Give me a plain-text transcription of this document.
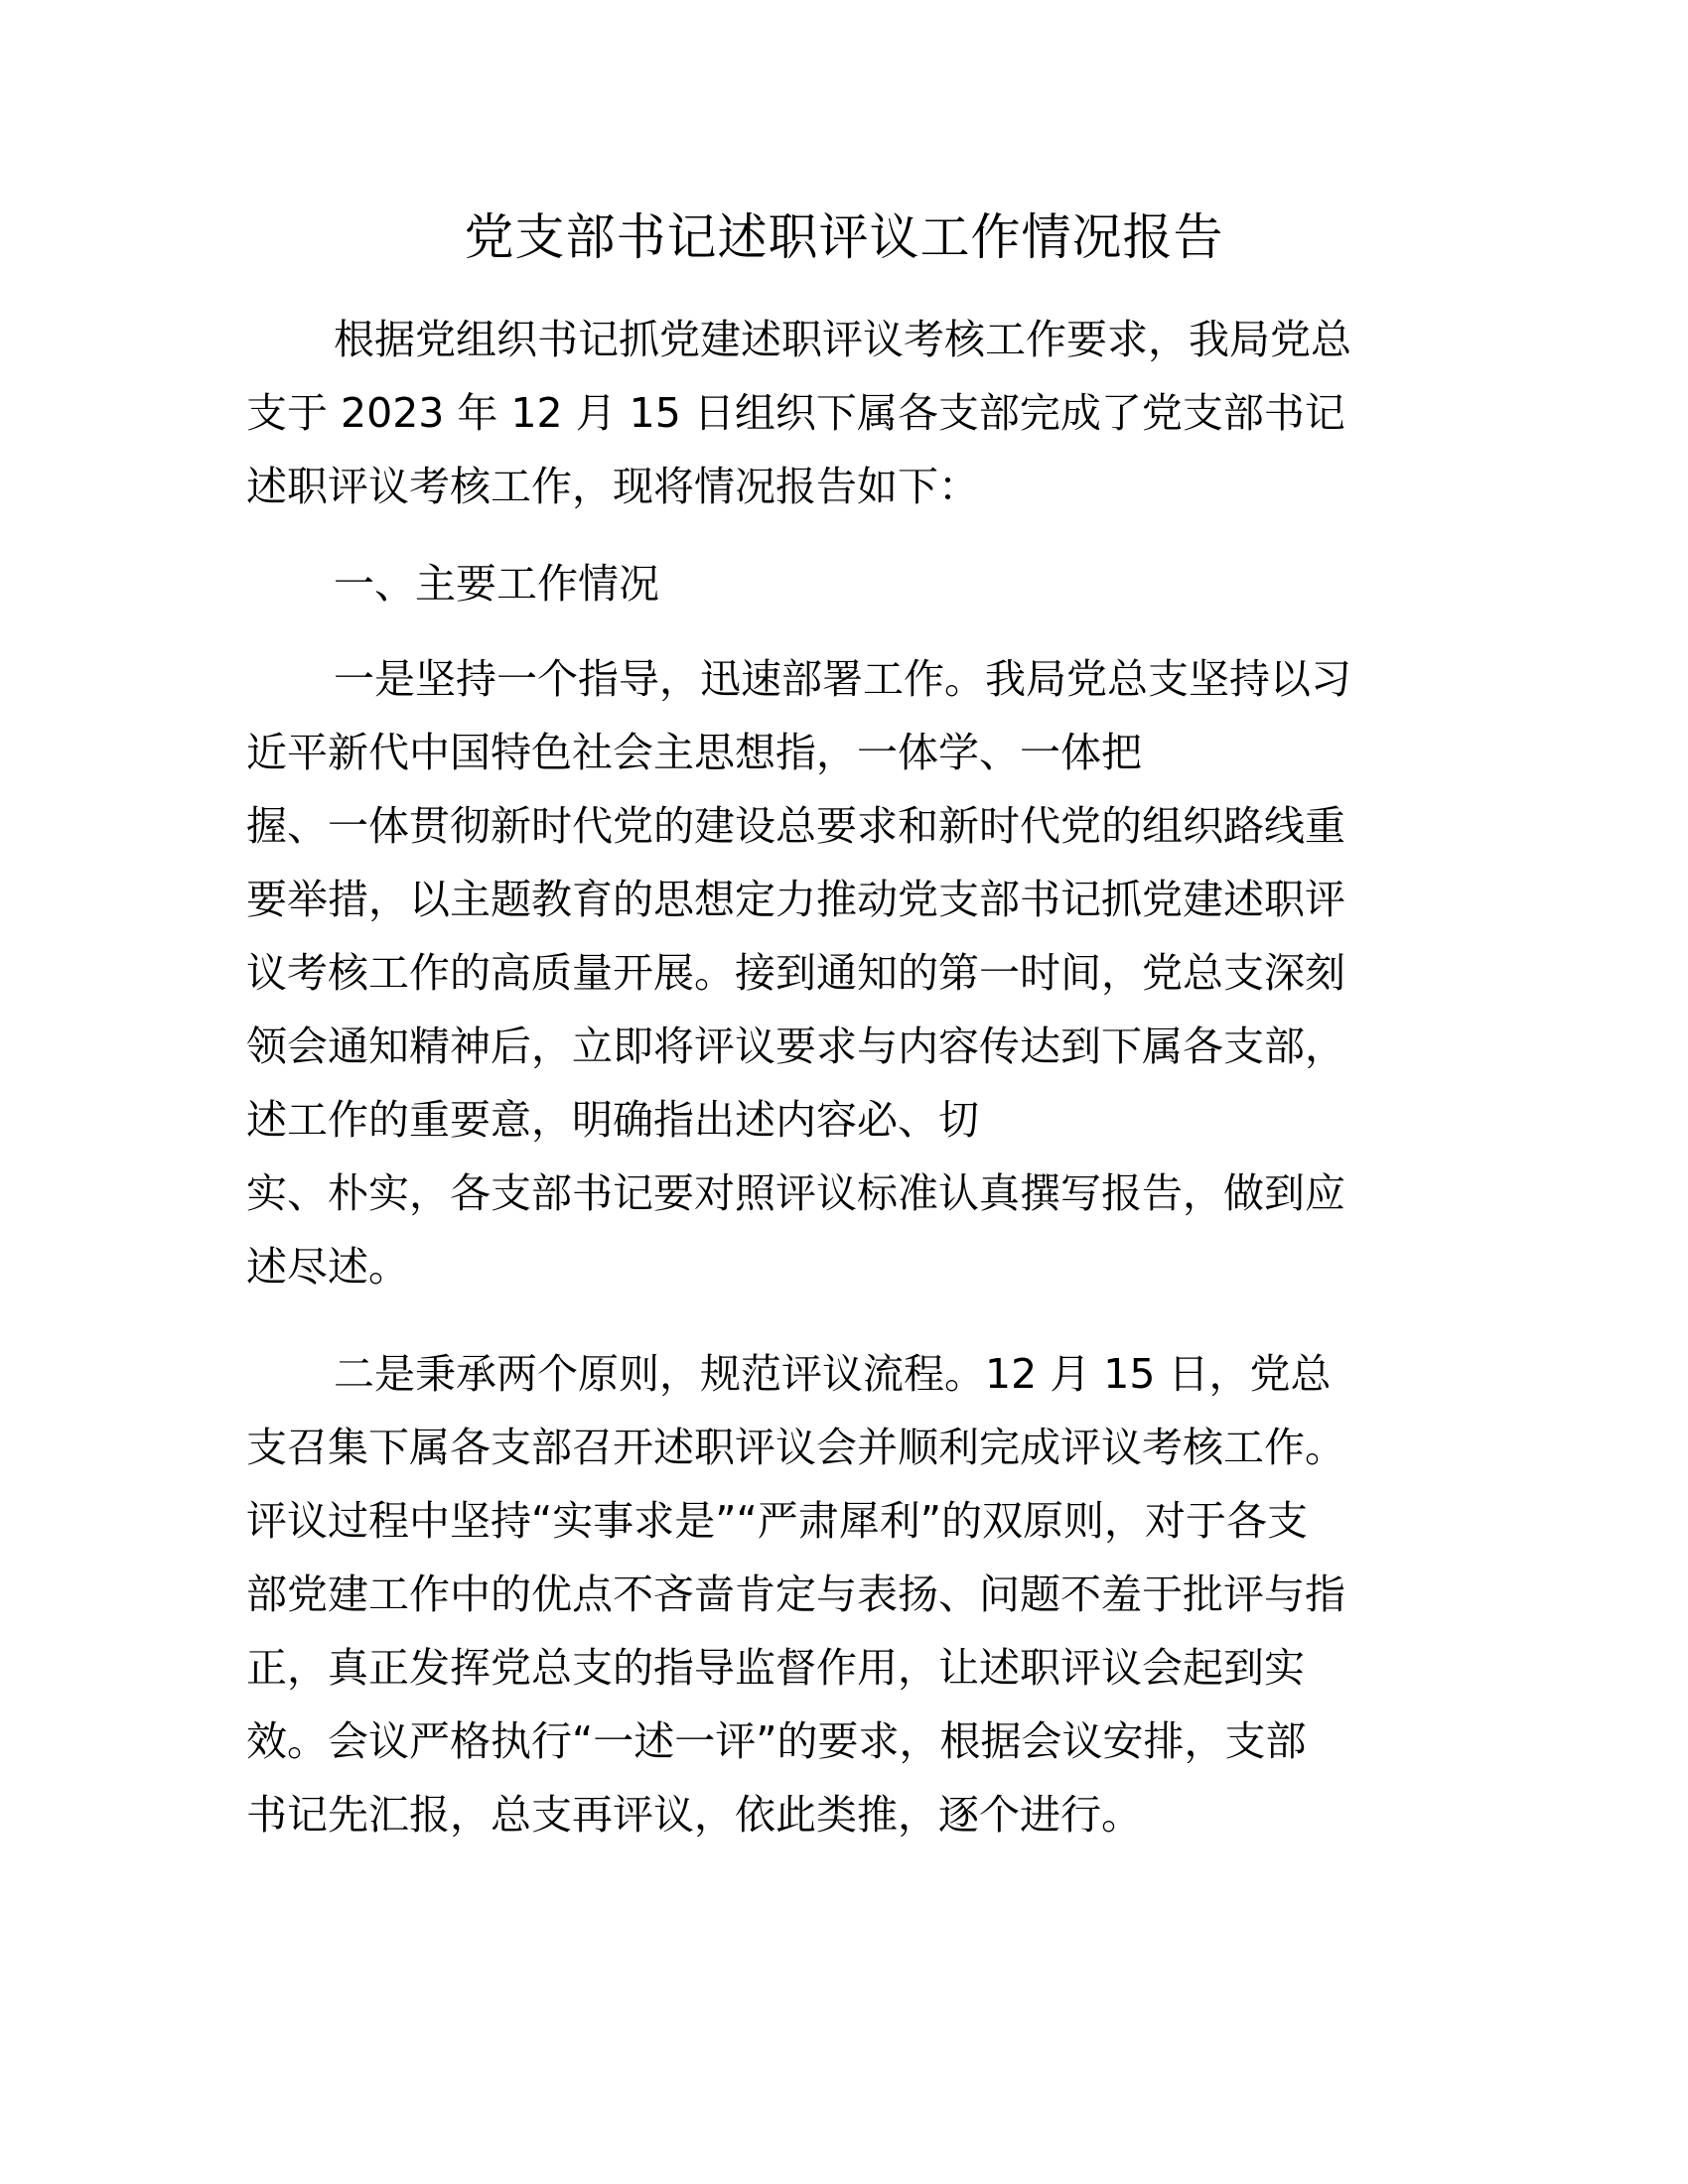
党支部书记述职评议工作情况报告
根据党组织书记抓党建述职评议考核工作要求，我局党总
支于 2023 年 12 月 15 日组织下属各支部完成了党支部书记
述职评议考核工作，现将情况报告如下：
一、主要工作情况
一是坚持一个指导，迅速部署工作。我局党总支坚持以习
近平新代中国特色社会主思想指，一体学、一体把
握、一体贯彻新时代党的建设总要求和新时代党的组织路线重
要举措，以主题教育的思想定力推动党支部书记抓党建述职评
议考核工作的高质量开展。接到通知的第一时间，党总支深刻
领会通知精神后，立即将评议要求与内容传达到下属各支部，
述工作的重要意，明确指出述内容必、切
实、朴实，各支部书记要对照评议标准认真撰写报告，做到应
述尽述。
二是秉承两个原则，规范评议流程。12 月 15 日，党总
支召集下属各支部召开述职评议会并顺利完成评议考核工作。
评议过程中坚持“实事求是”“严肃犀利”的双原则，对于各支
部党建工作中的优点不吝啬肯定与表扬、问题不羞于批评与指
正，真正发挥党总支的指导监督作用，让述职评议会起到实
效。会议严格执行“一述一评”的要求，根据会议安排，支部
书记先汇报，总支再评议，依此类推，逐个进行。
